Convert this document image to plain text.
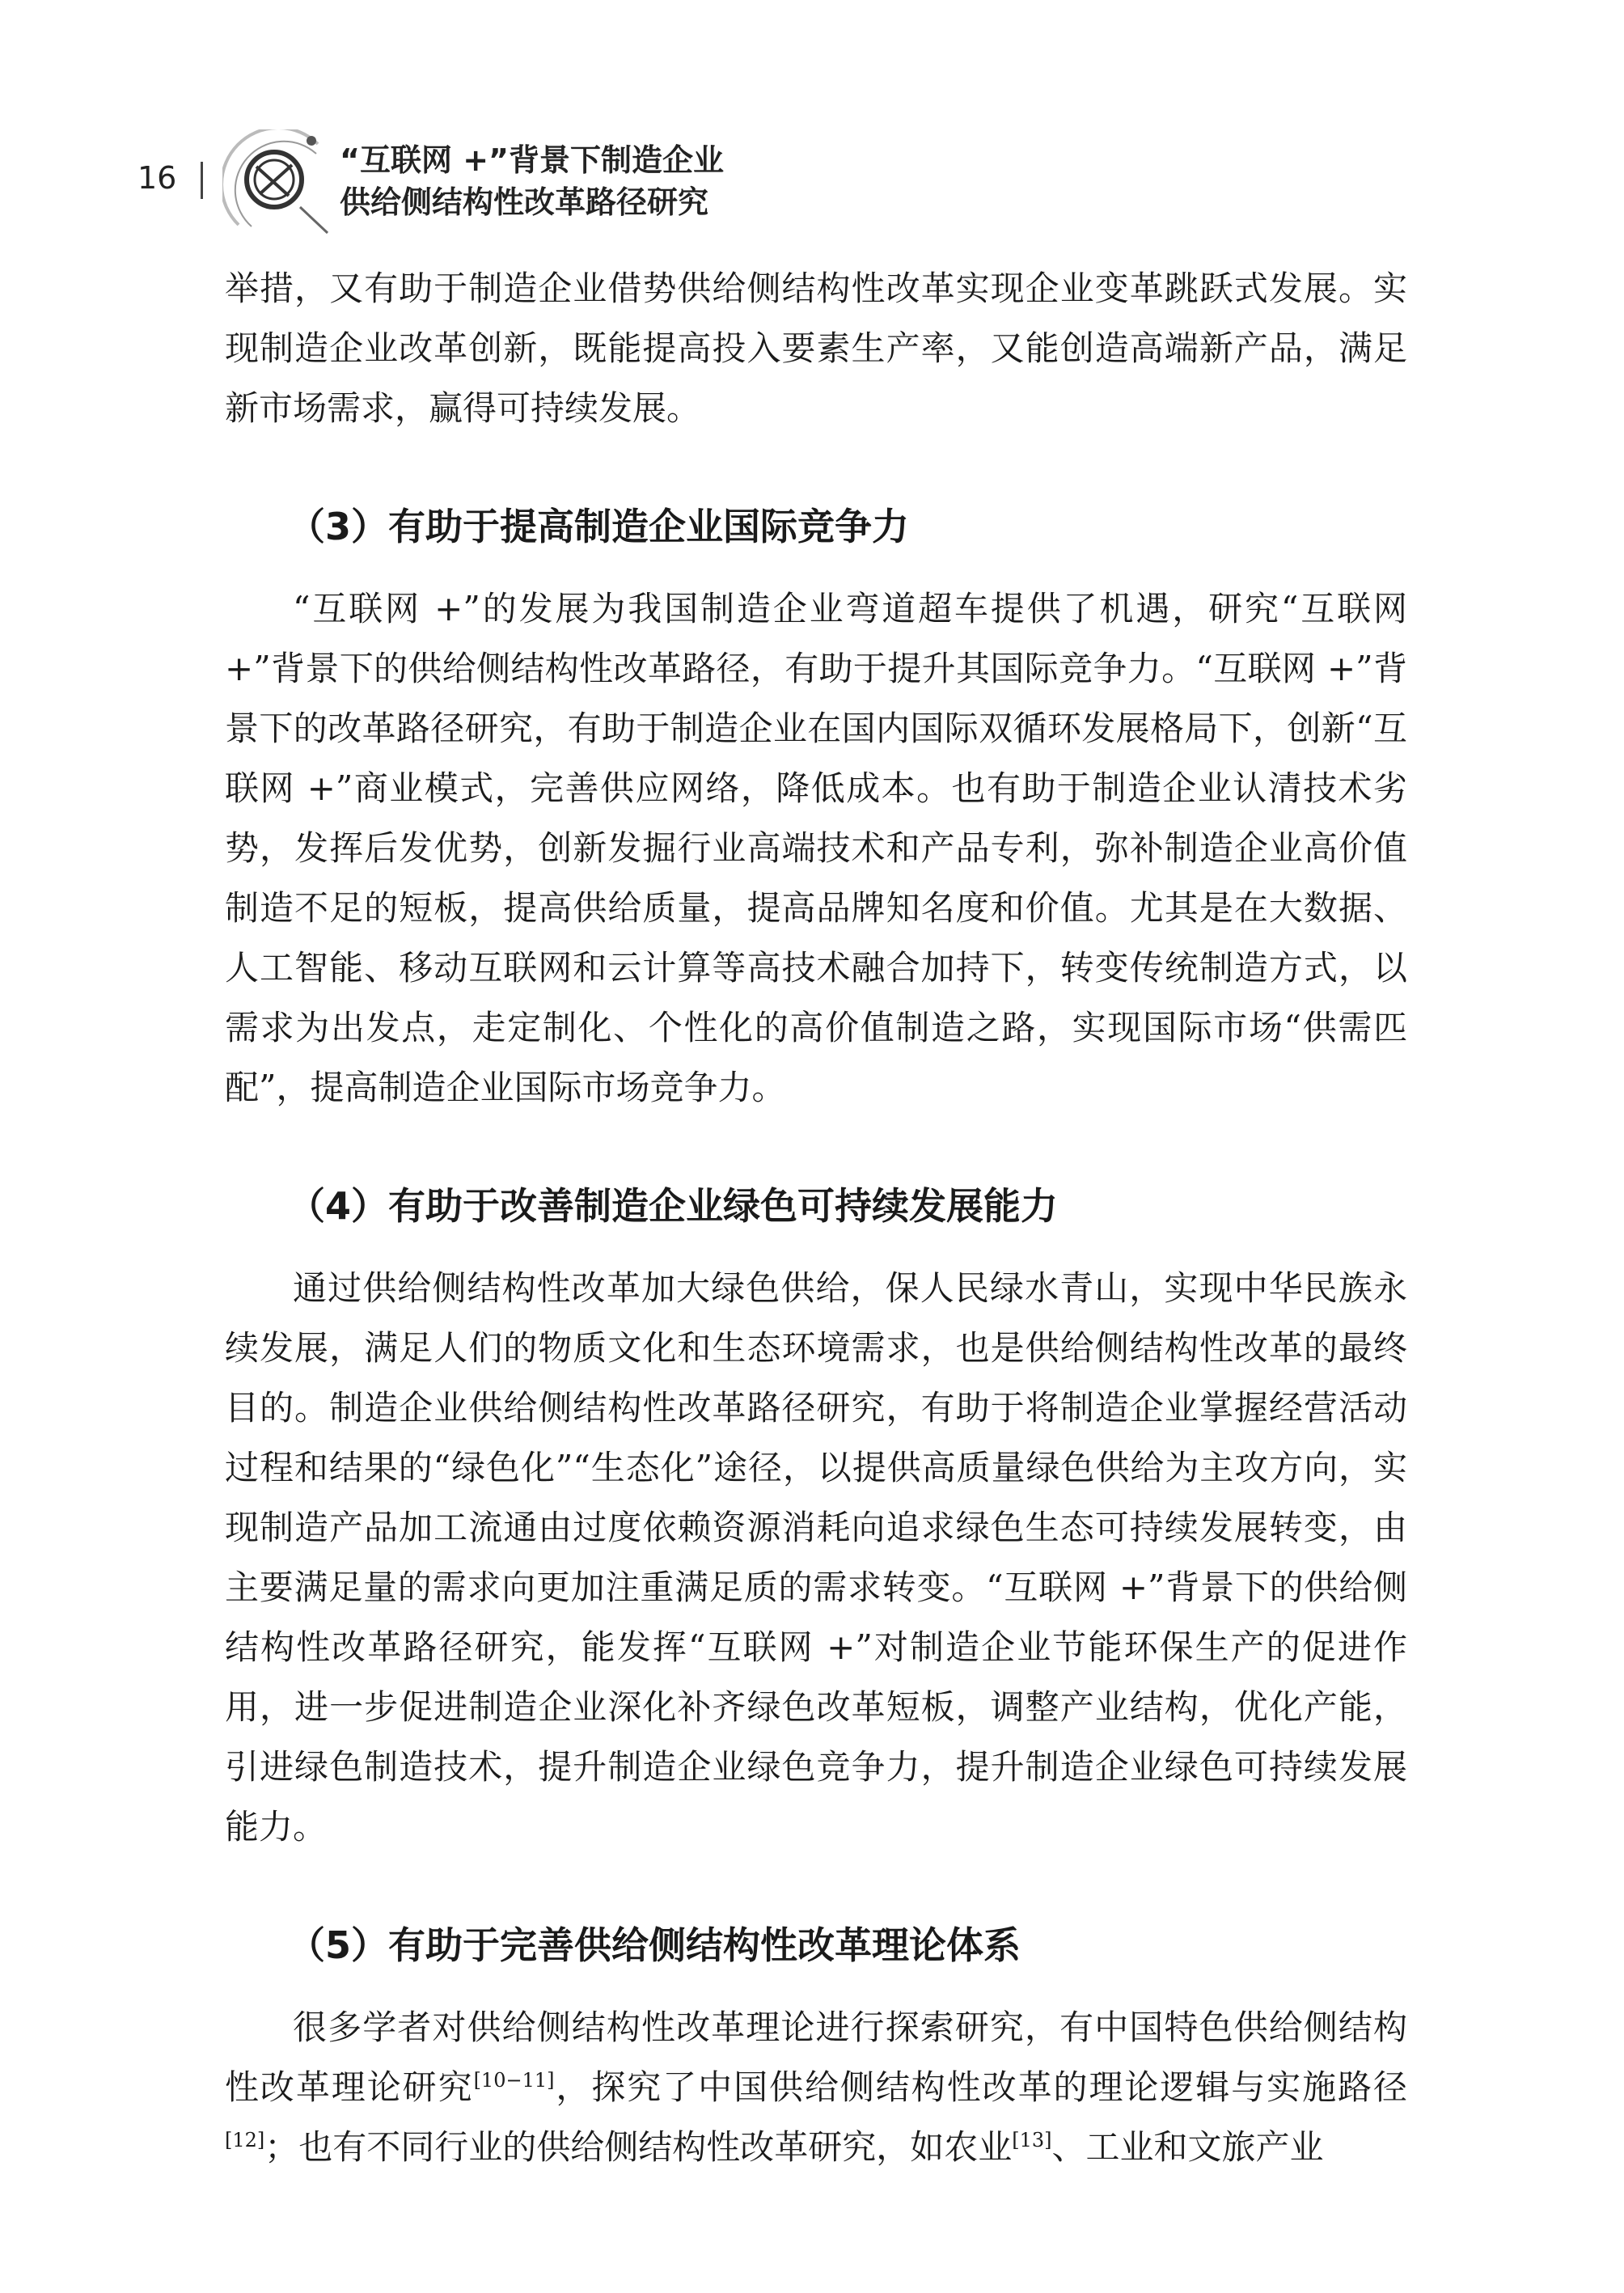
16	“互联网 +”背景下制造企业
供给侧结构性改革路径研究

举措，又有助于制造企业借势供给侧结构性改革实现企业变革跳跃式发展。实现制造企业改革创新，既能提高投入要素生产率，又能创造高端新产品，满足新市场需求，赢得可持续发展。

（3）有助于提高制造企业国际竞争力

“互联网 +”的发展为我国制造企业弯道超车提供了机遇，研究“互联网 +”背景下的供给侧结构性改革路径，有助于提升其国际竞争力。“互联网 +”背景下的改革路径研究，有助于制造企业在国内国际双循环发展格局下，创新“互联网 +”商业模式，完善供应网络，降低成本。也有助于制造企业认清技术劣势，发挥后发优势，创新发掘行业高端技术和产品专利，弥补制造企业高价值制造不足的短板，提高供给质量，提高品牌知名度和价值。尤其是在大数据、人工智能、移动互联网和云计算等高技术融合加持下，转变传统制造方式，以需求为出发点，走定制化、个性化的高价值制造之路，实现国际市场“供需匹配”，提高制造企业国际市场竞争力。

（4）有助于改善制造企业绿色可持续发展能力

通过供给侧结构性改革加大绿色供给，保人民绿水青山，实现中华民族永续发展，满足人们的物质文化和生态环境需求，也是供给侧结构性改革的最终目的。制造企业供给侧结构性改革路径研究，有助于将制造企业掌握经营活动过程和结果的“绿色化”“生态化”途径，以提供高质量绿色供给为主攻方向，实现制造产品加工流通由过度依赖资源消耗向追求绿色生态可持续发展转变，由主要满足量的需求向更加注重满足质的需求转变。“互联网 +”背景下的供给侧结构性改革路径研究，能发挥“互联网 +”对制造企业节能环保生产的促进作用，进一步促进制造企业深化补齐绿色改革短板，调整产业结构，优化产能，引进绿色制造技术，提升制造企业绿色竞争力，提升制造企业绿色可持续发展能力。

（5）有助于完善供给侧结构性改革理论体系

很多学者对供给侧结构性改革理论进行探索研究，有中国特色供给侧结构性改革理论研究[10−11]，探究了中国供给侧结构性改革的理论逻辑与实施路径[12]；也有不同行业的供给侧结构性改革研究，如农业[13]、工业和文旅产业
